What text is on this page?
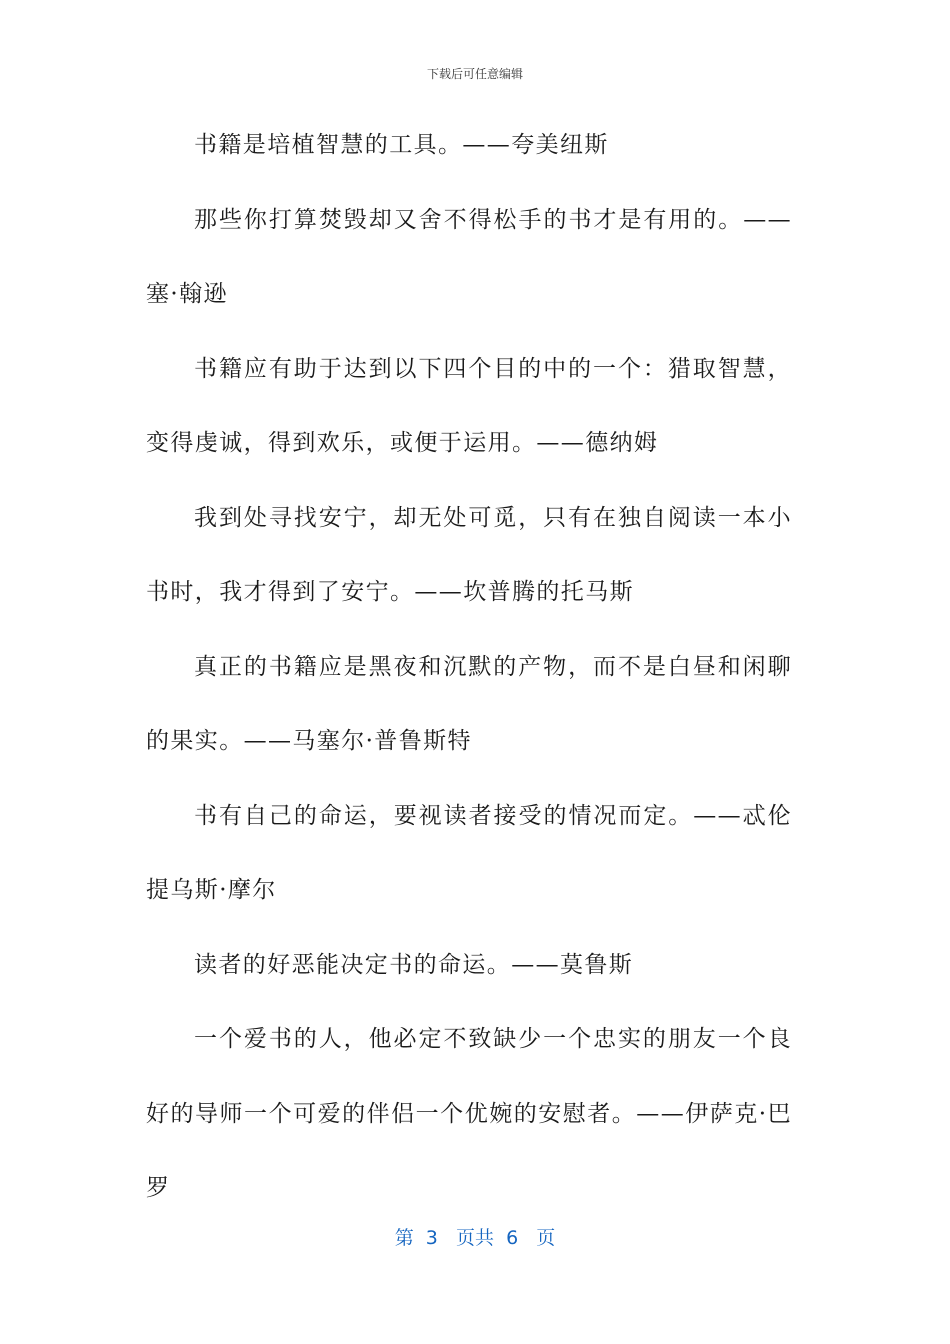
下载后可任意编辑

书籍是培植智慧的工具。——夸美纽斯

那些你打算焚毁却又舍不得松手的书才是有用的。——塞·翰逊

书籍应有助于达到以下四个目的中的一个：猎取智慧，变得虔诚，得到欢乐，或便于运用。——德纳姆

我到处寻找安宁，却无处可觅，只有在独自阅读一本小书时，我才得到了安宁。——坎普腾的托马斯

真正的书籍应是黑夜和沉默的产物，而不是白昼和闲聊的果实。——马塞尔·普鲁斯特

书有自己的命运，要视读者接受的情况而定。——忒伦提乌斯·摩尔

读者的好恶能决定书的命运。——莫鲁斯

一个爱书的人，他必定不致缺少一个忠实的朋友一个良好的导师一个可爱的伴侣一个优婉的安慰者。——伊萨克·巴罗

第  3   页共  6   页
